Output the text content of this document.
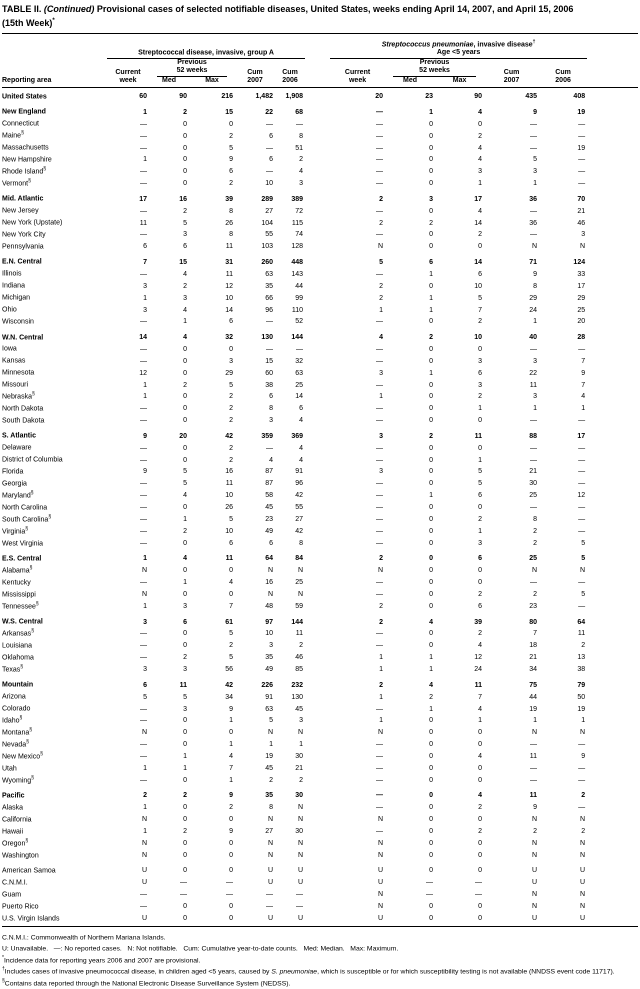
TABLE II. (Continued) Provisional cases of selected notifiable diseases, United States, weeks ending April 14, 2007, and April 15, 2006
(15th Week)*

	Streptococcal disease, invasive, group A						Streptococcus pneumoniae, invasive disease†
Age <5 years					

Reporting area	
Current
week

Previous
52 weeks	Cum
2007

Cum
2006

Current
week

Previous
52 weeks	Cum
2007

Cum
2006

		Med	Max					Med	Max			
United States	60	90	216	1,482	1,908		20	23	90	435	408	
New England	1	2	15	22	68		—	1	4	9	19	
Connecticut	—	0	0	—	—		—	0	0	—	—	
Maine§	—	0	2	6	8		—	0	2	—	—	
Massachusetts	—	0	5	—	51		—	0	4	—	19	
New Hampshire	1	0	9	6	2		—	0	4	5	—	
Rhode Island§	—	0	6	—	4		—	0	3	3	—	
Vermont§	—	0	2	10	3		—	0	1	1	—	
Mid. Atlantic	17	16	39	289	389		2	3	17	36	70	
New Jersey	—	2	8	27	72		—	0	4	—	21	
New York (Upstate)	11	5	26	104	115		2	2	14	36	46	
New York City	—	3	8	55	74		—	0	2	—	3	
Pennsylvania	6	6	11	103	128		N	0	0	N	N	
E.N. Central	7	15	31	260	448		5	6	14	71	124	
Illinois	—	4	11	63	143		—	1	6	9	33	
Indiana	3	2	12	35	44		2	0	10	8	17	
Michigan	1	3	10	66	99		2	1	5	29	29	
Ohio	3	4	14	96	110		1	1	7	24	25	
Wisconsin	—	1	6	—	52		—	0	2	1	20	
W.N. Central	14	4	32	130	144		4	2	10	40	28	
Iowa	—	0	0	—	—		—	0	0	—	—	
Kansas	—	0	3	15	32		—	0	3	3	7	
Minnesota	12	0	29	60	63		3	1	6	22	9	
Missouri	1	2	5	38	25		—	0	3	11	7	
Nebraska§	1	0	2	6	14		1	0	2	3	4	
North Dakota	—	0	2	8	6		—	0	1	1	1	
South Dakota	—	0	2	3	4		—	0	0	—	—	
S. Atlantic	9	20	42	359	369		3	2	11	88	17	
Delaware	—	0	2	—	4		—	0	0	—	—	
District of Columbia	—	0	2	4	4		—	0	1	—	—	
Florida	9	5	16	87	91		3	0	5	21	—	
Georgia	—	5	11	87	96		—	0	5	30	—	
Maryland§	—	4	10	58	42		—	1	6	25	12	
North Carolina	—	0	26	45	55		—	0	0	—	—	
South Carolina§	—	1	5	23	27		—	0	2	8	—	
Virginia§	—	2	10	49	42		—	0	1	2	—	
West Virginia	—	0	6	6	8		—	0	3	2	5	
E.S. Central	1	4	11	64	84		2	0	6	25	5	
Alabama§	N	0	0	N	N		N	0	0	N	N	
Kentucky	—	1	4	16	25		—	0	0	—	—	
Mississippi	N	0	0	N	N		—	0	2	2	5	
Tennessee§	1	3	7	48	59		2	0	6	23	—	
W.S. Central	3	6	61	97	144		2	4	39	80	64	
Arkansas§	—	0	5	10	11		—	0	2	7	11	
Louisiana	—	0	2	3	2		—	0	4	18	2	
Oklahoma	—	2	5	35	46		1	1	12	21	13	
Texas§	3	3	56	49	85		1	1	24	34	38	
Mountain	6	11	42	226	232		2	4	11	75	79	
Arizona	5	5	34	91	130		1	2	7	44	50	
Colorado	—	3	9	63	45		—	1	4	19	19	
Idaho§	—	0	1	5	3		1	0	1	1	1	
Montana§	N	0	0	N	N		N	0	0	N	N	
Nevada§	—	0	1	1	1		—	0	0	—	—	
New Mexico§	—	1	4	19	30		—	0	4	11	9	
Utah	1	1	7	45	21		—	0	0	—	—	
Wyoming§	—	0	1	2	2		—	0	0	—	—	
Pacific	2	2	9	35	30		—	0	4	11	2	
Alaska	1	0	2	8	N		—	0	2	9	—	
California	N	0	0	N	N		N	0	0	N	N	
Hawaii	1	2	9	27	30		—	0	2	2	2	
Oregon§	N	0	0	N	N		N	0	0	N	N	
Washington	N	0	0	N	N		N	0	0	N	N	
American Samoa	U	0	0	U	U		U	0	0	U	U	
C.N.M.I.	U	—	—	U	U		U	—	—	U	U	
Guam	—	—	—	—	—		N	—	—	N	N	
Puerto Rico	—	0	0	—	—		N	0	0	N	N	
U.S. Virgin Islands	U	0	0	U	U		U	0	0	U	U	
C.N.M.I.: Commonwealth of Northern Mariana Islands.
U: Unavailable.   —: No reported cases.   N: Not notifiable.   Cum: Cumulative year-to-date counts.   Med: Median.   Max: Maximum.
*Incidence data for reporting years 2006 and 2007 are provisional.
†Includes cases of invasive pneumococcal disease, in children aged <5 years, caused by S. pneumoniae, which is susceptible or for which susceptibility testing is not available (NNDSS event code 11717).
§Contains data reported through the National Electronic Disease Surveillance System (NEDSS).
